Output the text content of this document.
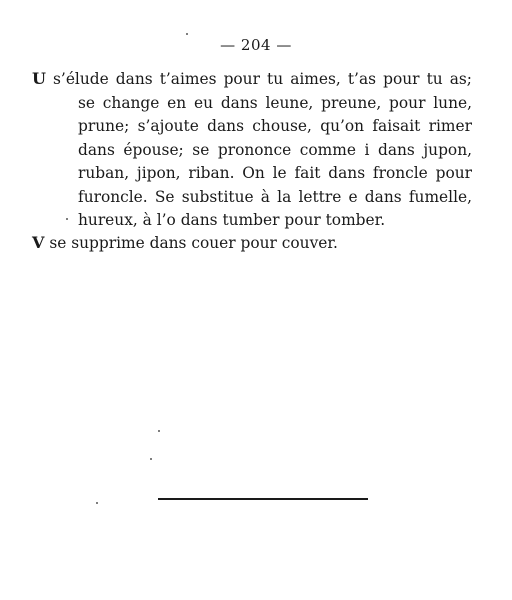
— 204 —

U s’élude dans t’aimes pour tu aimes, t’as pour tu as; se change en eu dans leune, preune, pour lune, prune; s’ajoute dans chouse, qu’on faisait rimer dans épouse; se prononce comme i dans jupon, ruban, jipon, riban. On le fait dans froncle pour furoncle. Se substitue à la lettre e dans fumelle, hureux, à l’o dans tumber pour tomber.

V se supprime dans couer pour couver.
